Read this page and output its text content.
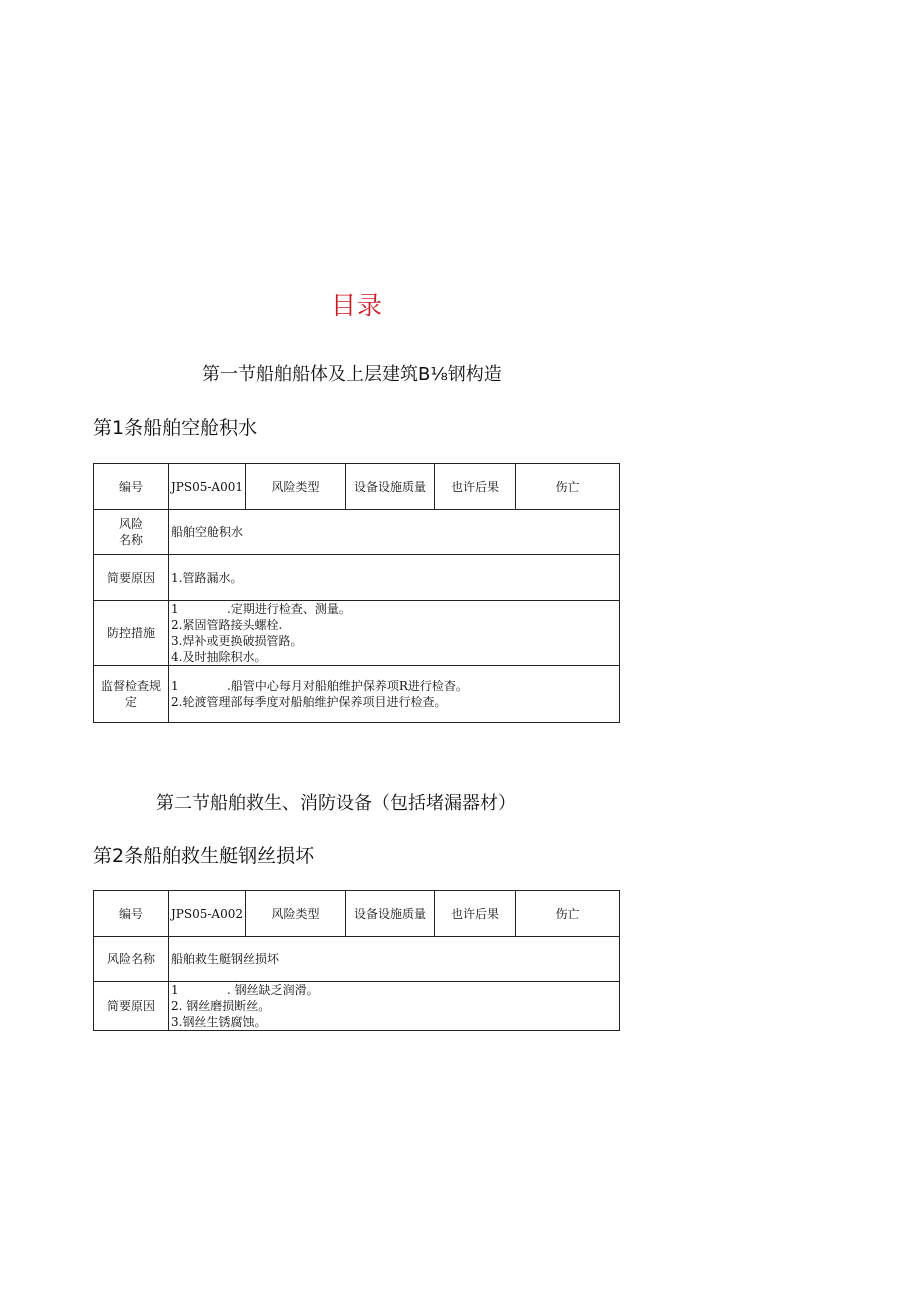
目录
第一节船舶船体及上层建筑B⅛钢构造
第1条船舶空舱积水
编号	JPS05-A001	风险类型	设备设施质量	也许后果	伤亡

风险
名称	船舶空舱积水				
简要原因	1.管路漏水。				

防控措施	1 .定期进行检查、测量。
2.紧固管路接头螺栓.
3.焊补或更换破损管路。
4.及时抽除积水。				

监督检查规
定	1 .船管中心每月对船舶维护保养项R进行检杳。
2.轮渡管理部每季度对船舶维护保养项目进行检查。				
第二节船舶救生、消防设备（包括堵漏器材）
第2条船舶救生艇钢丝损坏
编号	JPS05-A002	风险类型	设备设施质量	也许后果	伤亡
风险名称	船舶救生艇钢丝损坏				
简要原因	1 . 钢丝缺乏润滑。
2. 钢丝磨损断丝。
3.钢丝生锈腐蚀。				
